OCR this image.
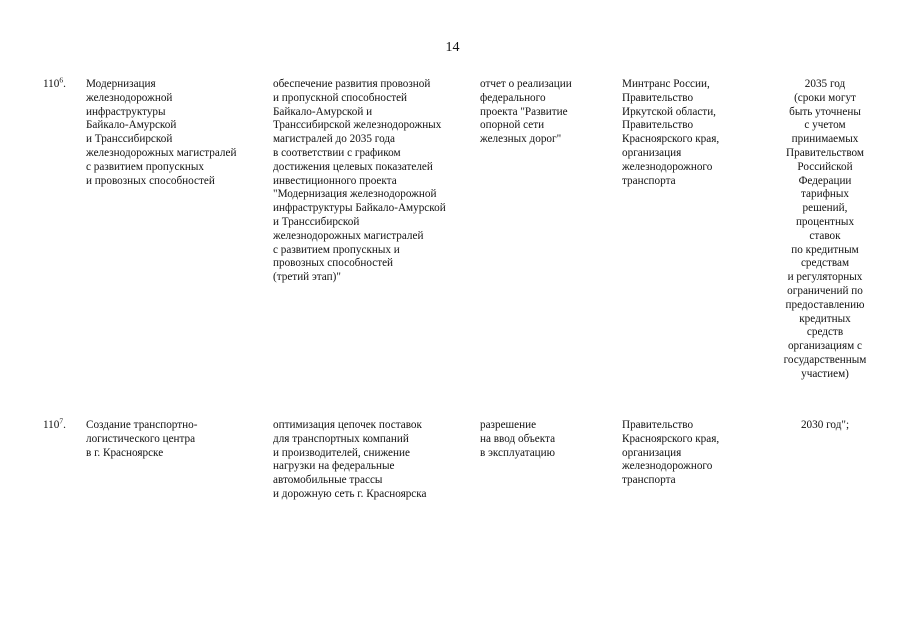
14
$110^6$.	Модернизация
железнодорожной
инфраструктуры
Байкало-Амурской
и Транссибирской
железнодорожных магистралей
с развитием пропускных
и провозных способностей
обеспечение развития провозной
и пропускной способностей
Байкало-Амурской и
Транссибирской железнодорожных
магистралей до 2035 года
в соответствии с графиком
достижения целевых показателей
инвестиционного проекта
"Модернизация железнодорожной
инфраструктуры Байкало-Амурской
и Транссибирской
железнодорожных магистралей
с развитием пропускных и
провозных способностей
(третий этап)"
отчет о реализации
федерального
проекта "Развитие
опорной сети
железных дорог"
Минтранс России,
Правительство
Иркутской области,
Правительство
Красноярского края,
организация
железнодорожного
транспорта
2035 год
(сроки могут
быть уточнены
с учетом
принимаемых
Правительством
Российской
Федерации
тарифных
решений,
процентных
ставок
по кредитным
средствам
и регуляторных
ограничений по
предоставлению
кредитных
средств
организациям с
государственным
участием)
$110^7$.	Создание транспортно-
логистического центра
в г. Красноярске
оптимизация цепочек поставок
для транспортных компаний
и производителей, снижение
нагрузки на федеральные
автомобильные трассы
и дорожную сеть г. Красноярска
разрешение
на ввод объекта
в эксплуатацию
Правительство
Красноярского края,
организация
железнодорожного
транспорта
2030 год";
